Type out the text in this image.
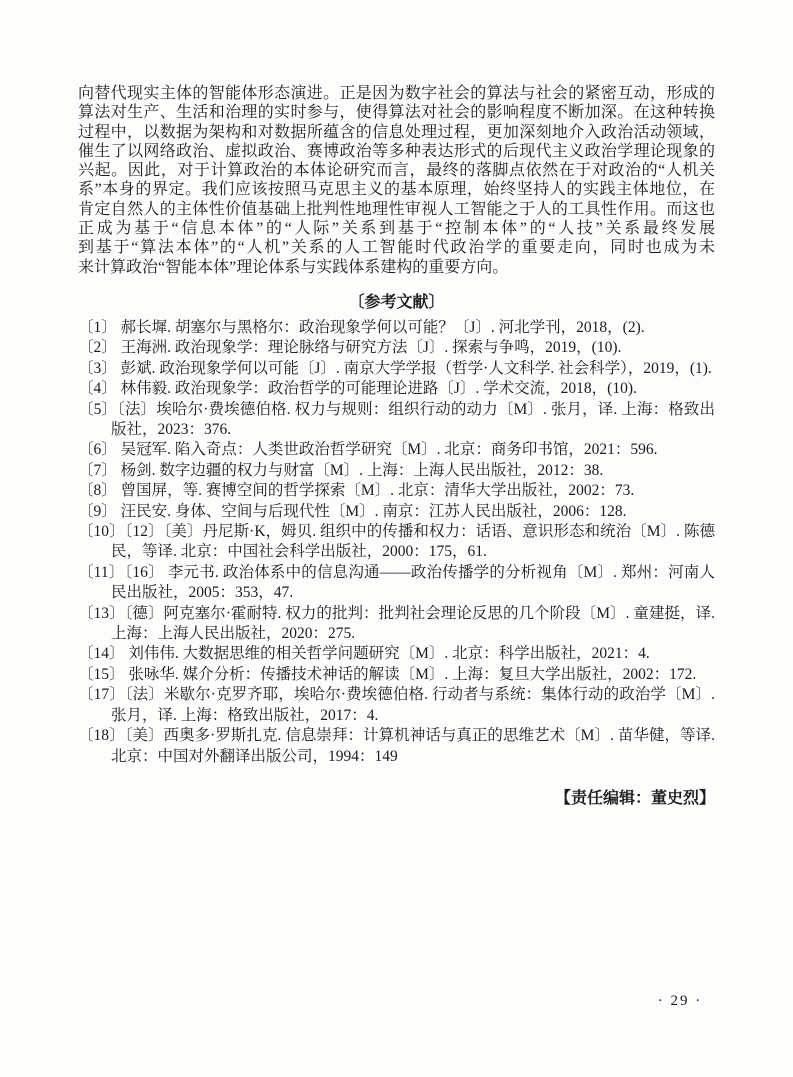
向替代现实主体的智能体形态演进。正是因为数字社会的算法与社会的紧密互动，形成的
算法对生产、生活和治理的实时参与，使得算法对社会的影响程度不断加深。在这种转换
过程中，以数据为架构和对数据所蕴含的信息处理过程，更加深刻地介入政治活动领域，
催生了以网络政治、虚拟政治、赛博政治等多种表达形式的后现代主义政治学理论现象的
兴起。因此，对于计算政治的本体论研究而言，最终的落脚点依然在于对政治的“人机关
系”本身的界定。我们应该按照马克思主义的基本原理，始终坚持人的实践主体地位，在
肯定自然人的主体性价值基础上批判性地理性审视人工智能之于人的工具性作用。而这也
正成为基于“信息本体”的“人际”关系到基于“控制本体”的“人技”关系最终发展
到基于“算法本体”的“人机”关系的人工智能时代政治学的重要走向，同时也成为未
来计算政治“智能本体”理论体系与实践体系建构的重要方向。
〔参考文献〕
〔1〕 郝长墀. 胡塞尔与黑格尔：政治现象学何以可能？〔J〕. 河北学刊，2018，(2).
〔2〕 王海洲. 政治现象学：理论脉络与研究方法〔J〕. 探索与争鸣，2019，(10).
〔3〕 彭斌. 政治现象学何以可能〔J〕. 南京大学学报（哲学·人文科学. 社会科学），2019，(1).
〔4〕 林伟毅. 政治现象学：政治哲学的可能理论进路〔J〕. 学术交流，2018，(10).
〔5〕〔法〕埃哈尔·费埃德伯格. 权力与规则：组织行动的动力〔M〕. 张月，译. 上海：格致出版社，2023：376.
〔6〕 吴冠军. 陷入奇点：人类世政治哲学研究〔M〕. 北京：商务印书馆，2021：596.
〔7〕 杨剑. 数字边疆的权力与财富〔M〕. 上海：上海人民出版社，2012：38.
〔8〕 曾国屏，等. 赛博空间的哲学探索〔M〕. 北京：清华大学出版社，2002：73.
〔9〕 汪民安. 身体、空间与后现代性〔M〕. 南京：江苏人民出版社，2006：128.
〔10〕〔12〕〔美〕丹尼斯·K，姆贝. 组织中的传播和权力：话语、意识形态和统治〔M〕. 陈德民，等译. 北京：中国社会科学出版社，2000：175，61.
〔11〕〔16〕 李元书. 政治体系中的信息沟通——政治传播学的分析视角〔M〕. 郑州：河南人民出版社，2005：353，47.
〔13〕〔德〕阿克塞尔·霍耐特. 权力的批判：批判社会理论反思的几个阶段〔M〕. 童建挺，译. 上海：上海人民出版社，2020：275.
〔14〕 刘伟伟. 大数据思维的相关哲学问题研究〔M〕. 北京：科学出版社，2021：4.
〔15〕 张咏华. 媒介分析：传播技术神话的解读〔M〕. 上海：复旦大学出版社，2002：172.
〔17〕〔法〕米歇尔·克罗齐耶，埃哈尔·费埃德伯格. 行动者与系统：集体行动的政治学〔M〕. 张月，译. 上海：格致出版社，2017：4.
〔18〕〔美〕西奥多·罗斯扎克. 信息崇拜：计算机神话与真正的思维艺术〔M〕. 苗华健，等译. 北京：中国对外翻译出版公司，1994：149
【责任编辑：董史烈】
· 29 ·
